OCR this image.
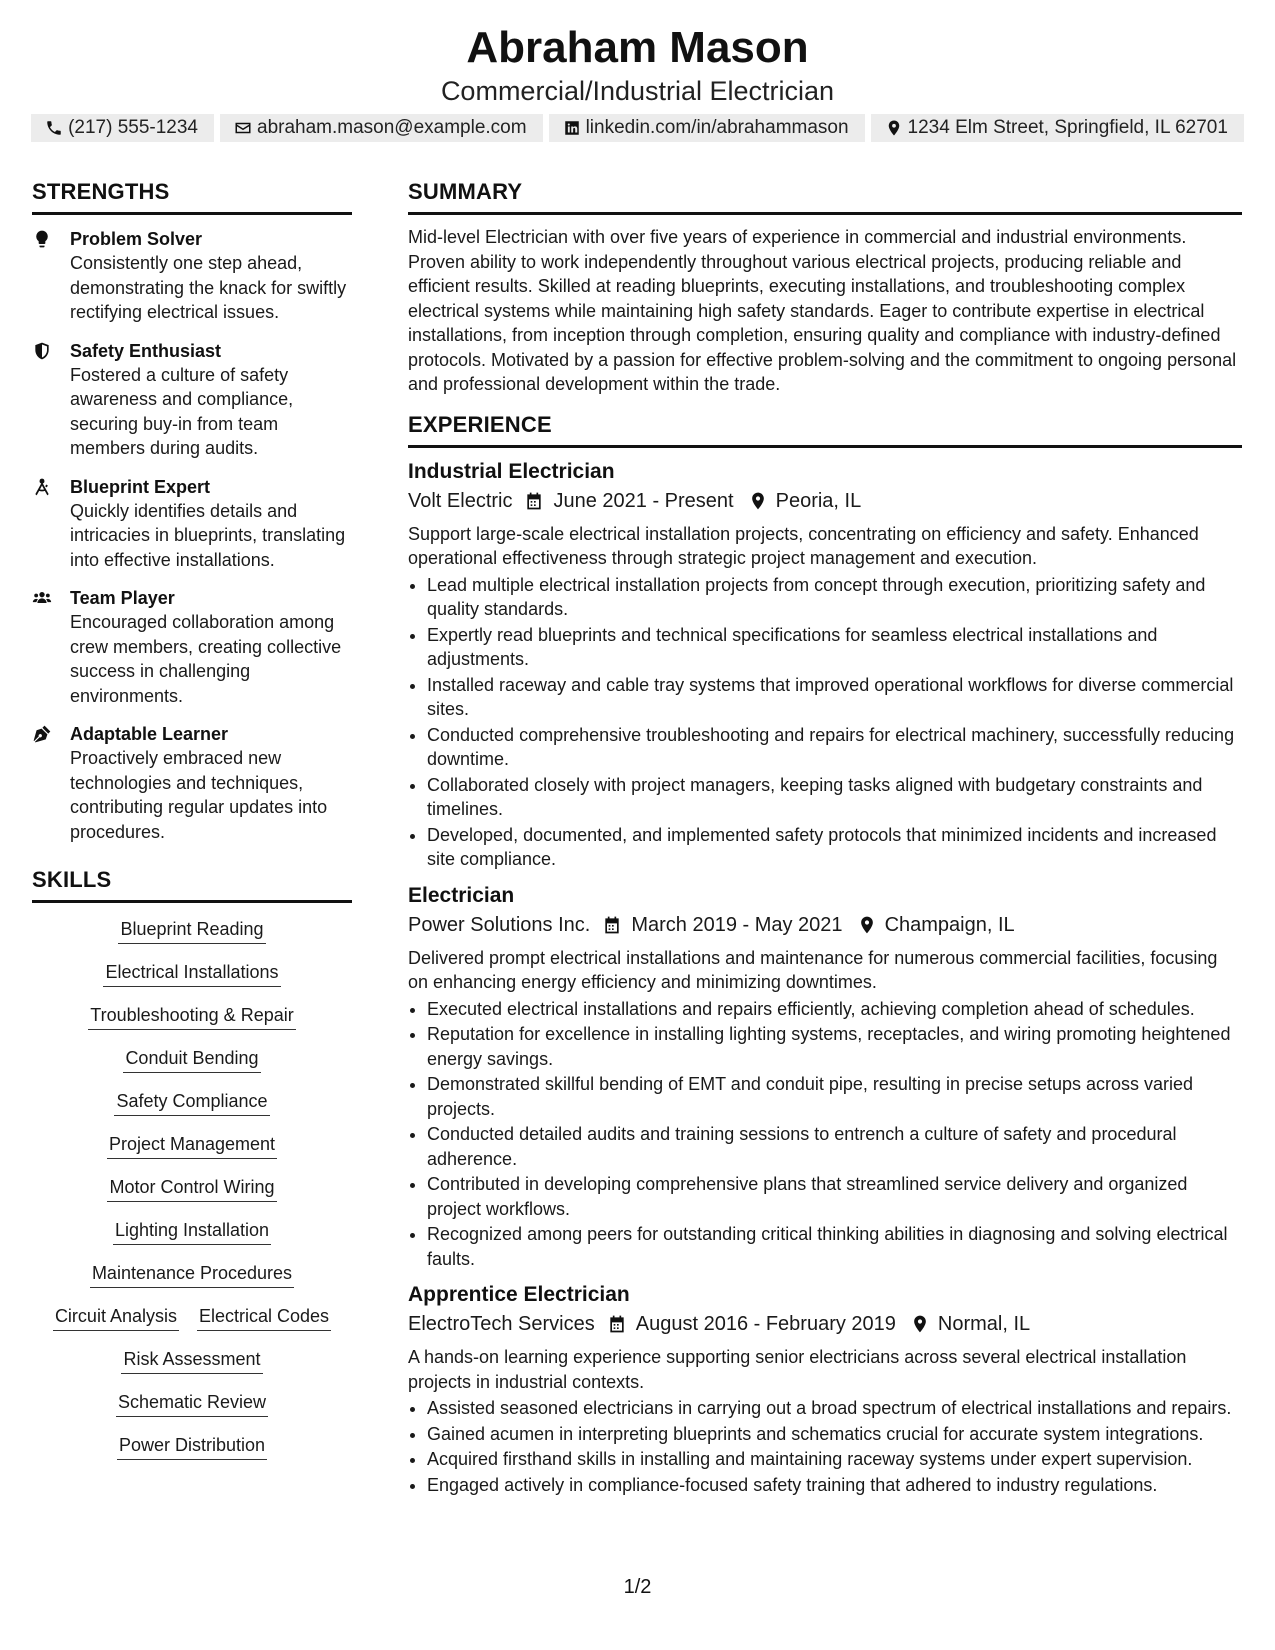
Abraham Mason
Commercial/Industrial Electrician
(217) 555-1234	abraham.mason@example.com	linkedin.com/in/abrahammason	1234 Elm Street, Springfield, IL 62701
STRENGTHS
Problem Solver
Consistently one step ahead, demonstrating the knack for swiftly rectifying electrical issues.
Safety Enthusiast
Fostered a culture of safety awareness and compliance, securing buy-in from team members during audits.
Blueprint Expert
Quickly identifies details and intricacies in blueprints, translating into effective installations.
Team Player
Encouraged collaboration among crew members, creating collective success in challenging environments.
Adaptable Learner
Proactively embraced new technologies and techniques, contributing regular updates into procedures.
SKILLS
Blueprint Reading
Electrical Installations
Troubleshooting & Repair
Conduit Bending
Safety Compliance
Project Management
Motor Control Wiring
Lighting Installation
Maintenance Procedures
Circuit Analysis Electrical Codes
Risk Assessment
Schematic Review
Power Distribution
SUMMARY
Mid-level Electrician with over five years of experience in commercial and industrial environments. Proven ability to work independently throughout various electrical projects, producing reliable and efficient results. Skilled at reading blueprints, executing installations, and troubleshooting complex electrical systems while maintaining high safety standards. Eager to contribute expertise in electrical installations, from inception through completion, ensuring quality and compliance with industry-defined protocols. Motivated by a passion for effective problem-solving and the commitment to ongoing personal and professional development within the trade.
EXPERIENCE
Industrial Electrician
Volt Electric June 2021 - Present Peoria, IL
Support large-scale electrical installation projects, concentrating on efficiency and safety. Enhanced operational effectiveness through strategic project management and execution.
• Lead multiple electrical installation projects from concept through execution, prioritizing safety and quality standards.
• Expertly read blueprints and technical specifications for seamless electrical installations and adjustments.
• Installed raceway and cable tray systems that improved operational workflows for diverse commercial sites.
• Conducted comprehensive troubleshooting and repairs for electrical machinery, successfully reducing downtime.
• Collaborated closely with project managers, keeping tasks aligned with budgetary constraints and timelines.
• Developed, documented, and implemented safety protocols that minimized incidents and increased site compliance.
Electrician
Power Solutions Inc. March 2019 - May 2021 Champaign, IL
Delivered prompt electrical installations and maintenance for numerous commercial facilities, focusing on enhancing energy efficiency and minimizing downtimes.
• Executed electrical installations and repairs efficiently, achieving completion ahead of schedules.
• Reputation for excellence in installing lighting systems, receptacles, and wiring promoting heightened energy savings.
• Demonstrated skillful bending of EMT and conduit pipe, resulting in precise setups across varied projects.
• Conducted detailed audits and training sessions to entrench a culture of safety and procedural adherence.
• Contributed in developing comprehensive plans that streamlined service delivery and organized project workflows.
• Recognized among peers for outstanding critical thinking abilities in diagnosing and solving electrical faults.
Apprentice Electrician
ElectroTech Services August 2016 - February 2019 Normal, IL
A hands-on learning experience supporting senior electricians across several electrical installation projects in industrial contexts.
• Assisted seasoned electricians in carrying out a broad spectrum of electrical installations and repairs.
• Gained acumen in interpreting blueprints and schematics crucial for accurate system integrations.
• Acquired firsthand skills in installing and maintaining raceway systems under expert supervision.
• Engaged actively in compliance-focused safety training that adhered to industry regulations.
1/2
